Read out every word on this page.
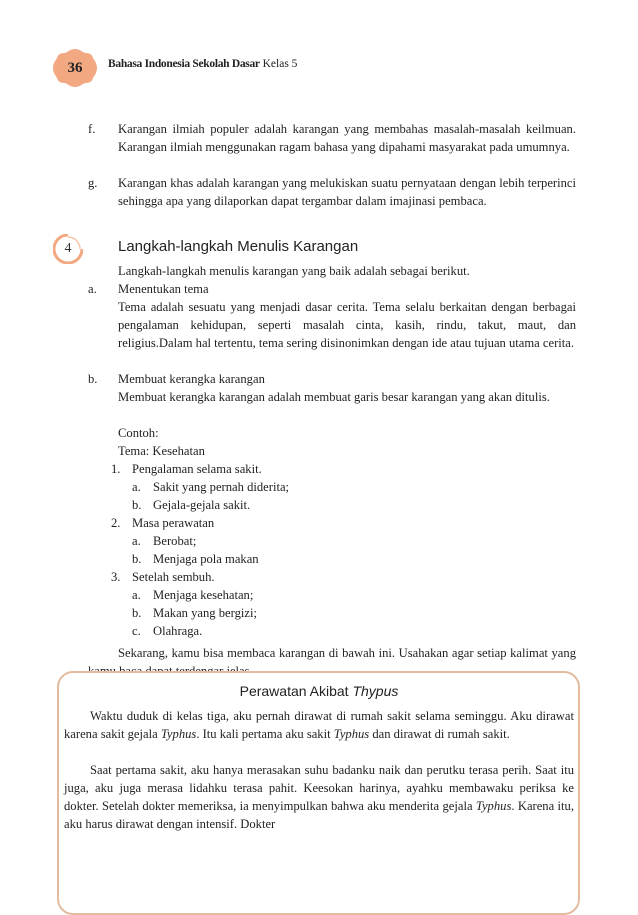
36	Bahasa Indonesia Sekolah Dasar Kelas 5
f. Karangan ilmiah populer adalah karangan yang membahas masalah-masalah keilmuan. Karangan ilmiah menggunakan ragam bahasa yang dipahami masyarakat pada umumnya.
g. Karangan khas adalah karangan yang melukiskan suatu pernyataan dengan lebih terperinci sehingga apa yang dilaporkan dapat tergambar dalam imajinasi pembaca.
4	Langkah-langkah Menulis Karangan
Langkah-langkah menulis karangan yang baik adalah sebagai berikut.
a. Menentukan tema
Tema adalah sesuatu yang menjadi dasar cerita. Tema selalu berkaitan dengan berbagai pengalaman kehidupan, seperti masalah cinta, kasih, rindu, takut, maut, dan religius.Dalam hal tertentu, tema sering disinonimkan dengan ide atau tujuan utama cerita.
b. Membuat kerangka karangan
Membuat kerangka karangan adalah membuat garis besar karangan yang akan ditulis.
Contoh:
Tema: Kesehatan
1. Pengalaman selama sakit.
a. Sakit yang pernah diderita;
b. Gejala-gejala sakit.
2. Masa perawatan
a. Berobat;
b. Menjaga pola makan
3. Setelah sembuh.
a. Menjaga kesehatan;
b. Makan yang bergizi;
c. Olahraga.
Sekarang, kamu bisa membaca karangan di bawah ini. Usahakan agar setiap kalimat yang
Perawatan Akibat Thypus
Waktu duduk di kelas tiga, aku pernah dirawat di rumah sakit selama seminggu. Aku dirawat karena sakit gejala Typhus. Itu kali pertama aku sakit Typhus dan dirawat di rumah sakit.
Saat pertama sakit, aku hanya merasakan suhu badanku naik dan perutku terasa perih. Saat itu juga, aku juga merasa lidahku terasa pahit. Keesokan harinya, ayahku membawaku periksa ke dokter. Setelah dokter memeriksa, ia menyimpulkan bahwa aku menderita gejala Typhus. Karena itu, aku harus dirawat dengan intensif. Dokter
